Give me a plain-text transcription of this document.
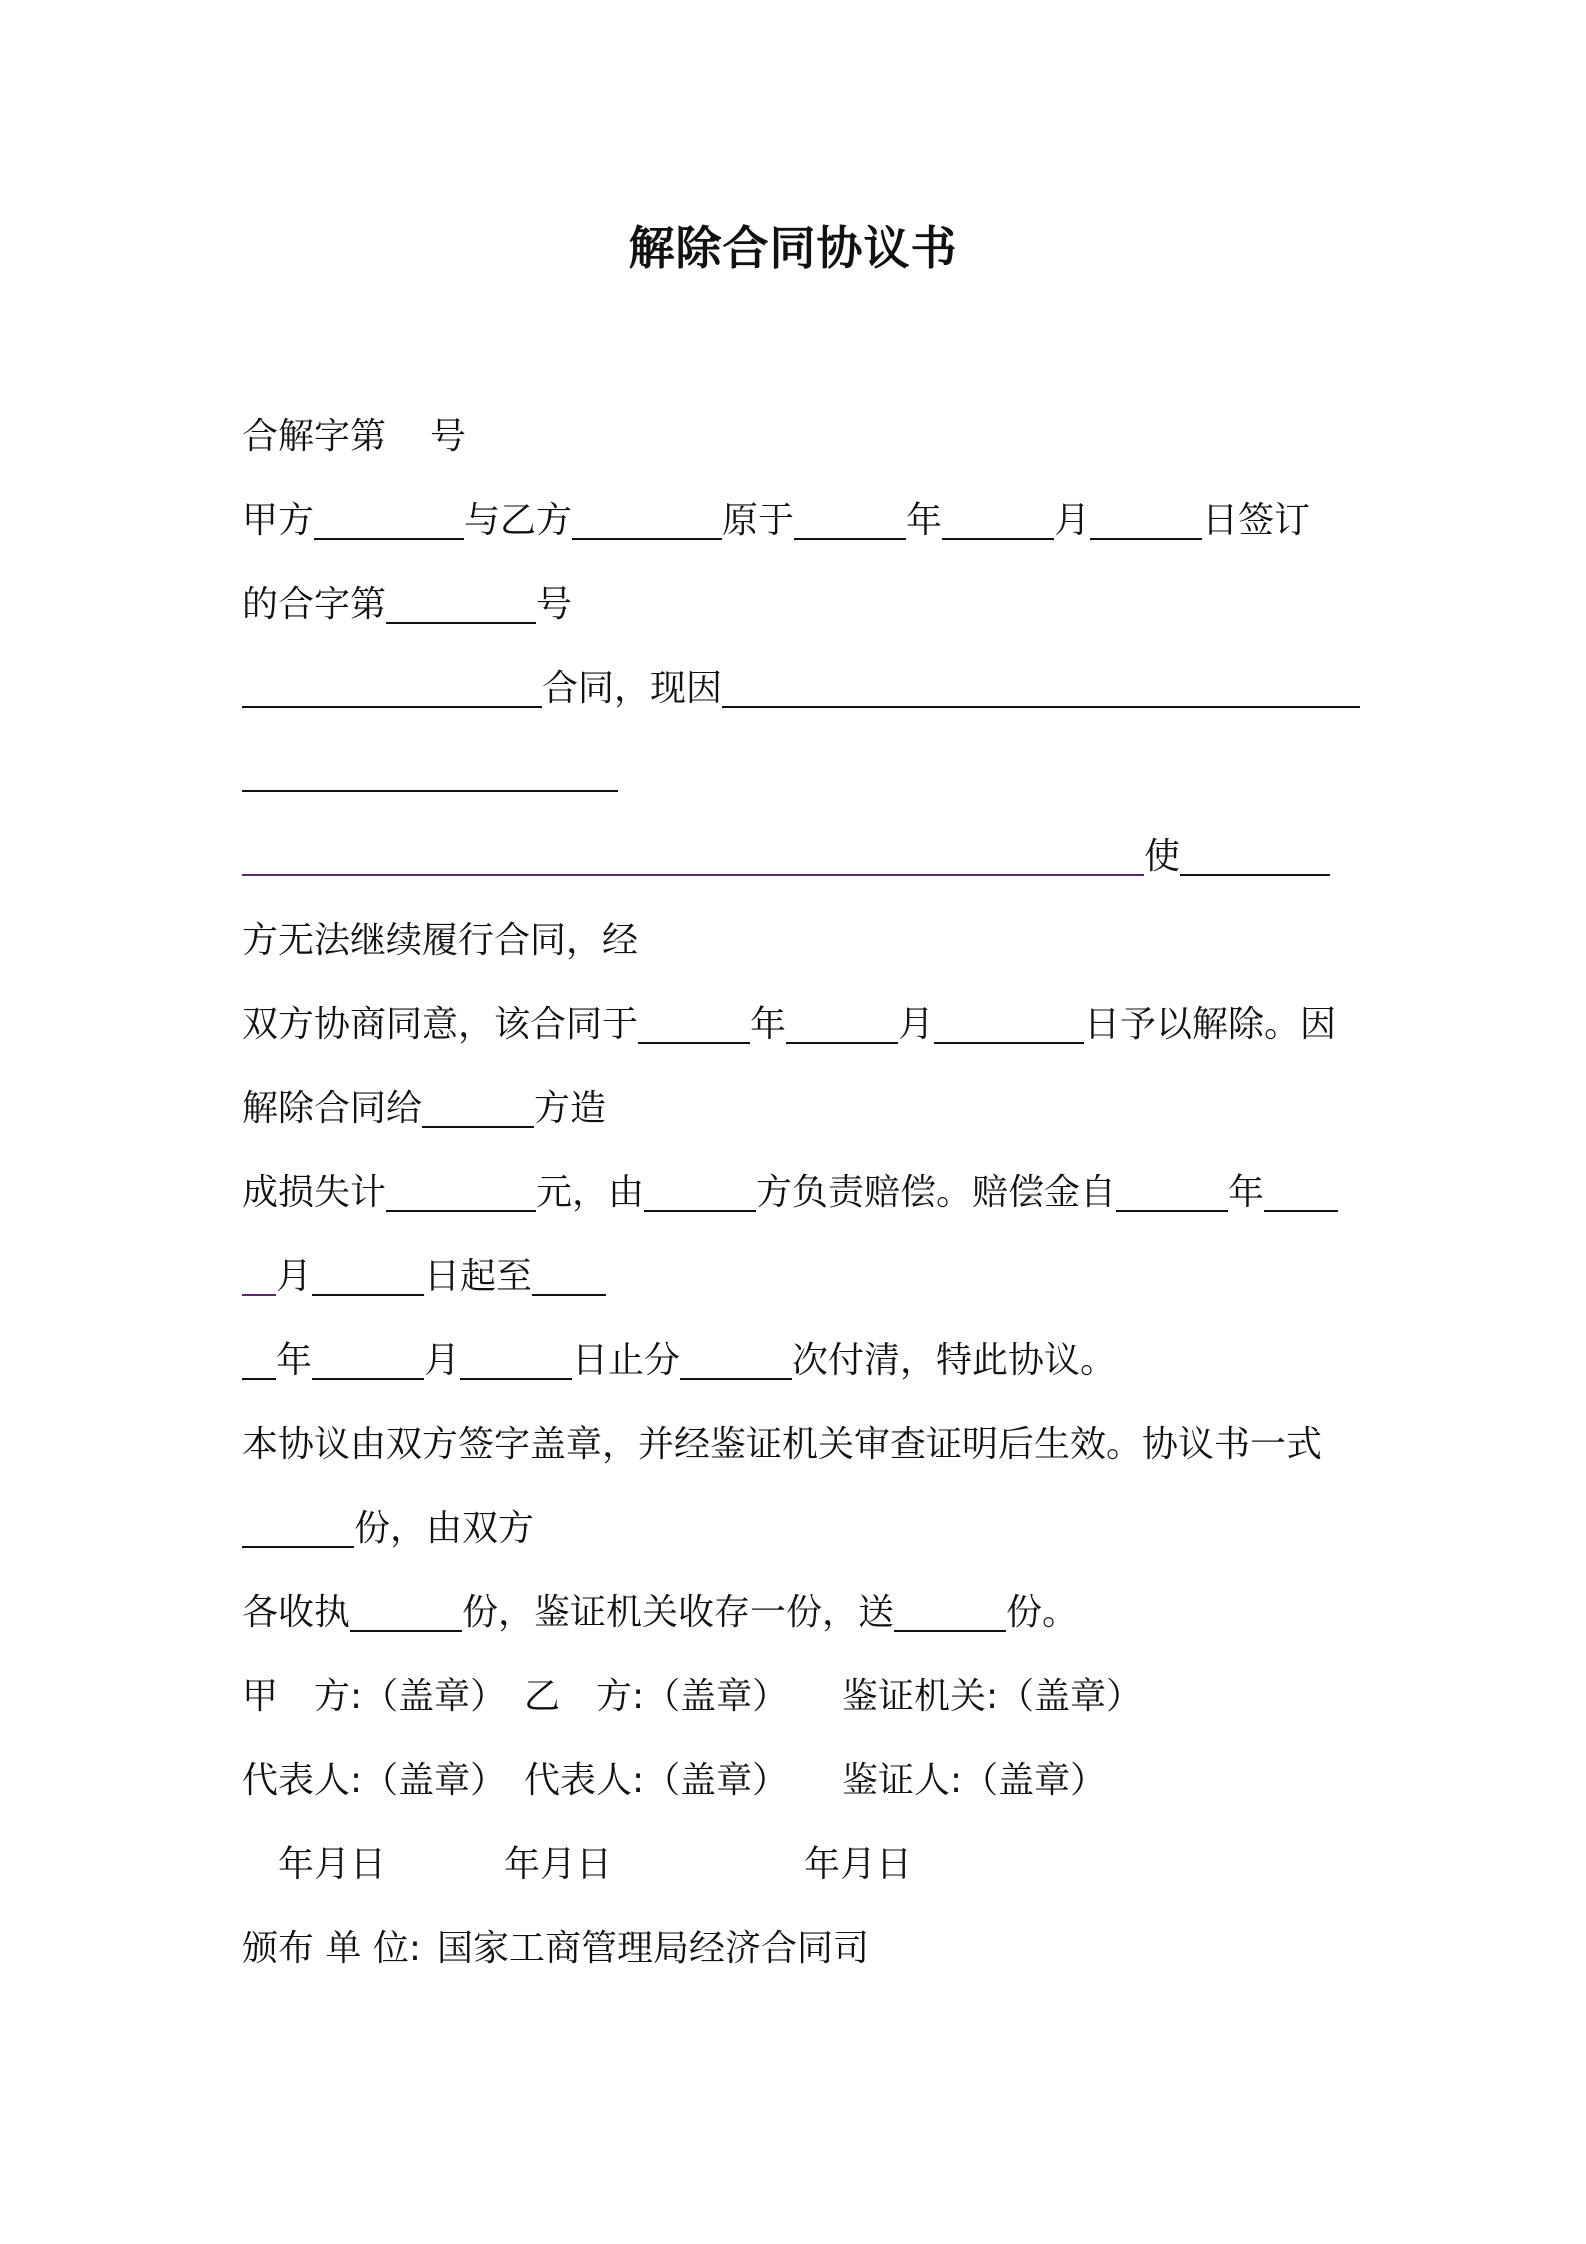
解除合同协议书
合解字第 号
甲方	与乙方	原于	年	月	日签订
的合字第	号
合同，现因
使
方无法继续履行合同，经
双方协商同意，该合同于	年	月	日予以解除。因
解除合同给	方造
成损失计	元，由	方负责赔偿。赔偿金自	年
月	日起至
年	月	日止分	次付清，特此协议。
本协议由双方签字盖章，并经鉴证机关审查证明后生效。协议书一式
份，由双方
各收执	份，鉴证机关收存一份，送	份。
甲　方:（盖章） 乙　方:（盖章） 鉴证机关:（盖章）
代表人:（盖章） 代表人:（盖章） 鉴证人:（盖章）
年月日	年月日	年月日
颁布 单 位: 国家工商管理局经济合同司
